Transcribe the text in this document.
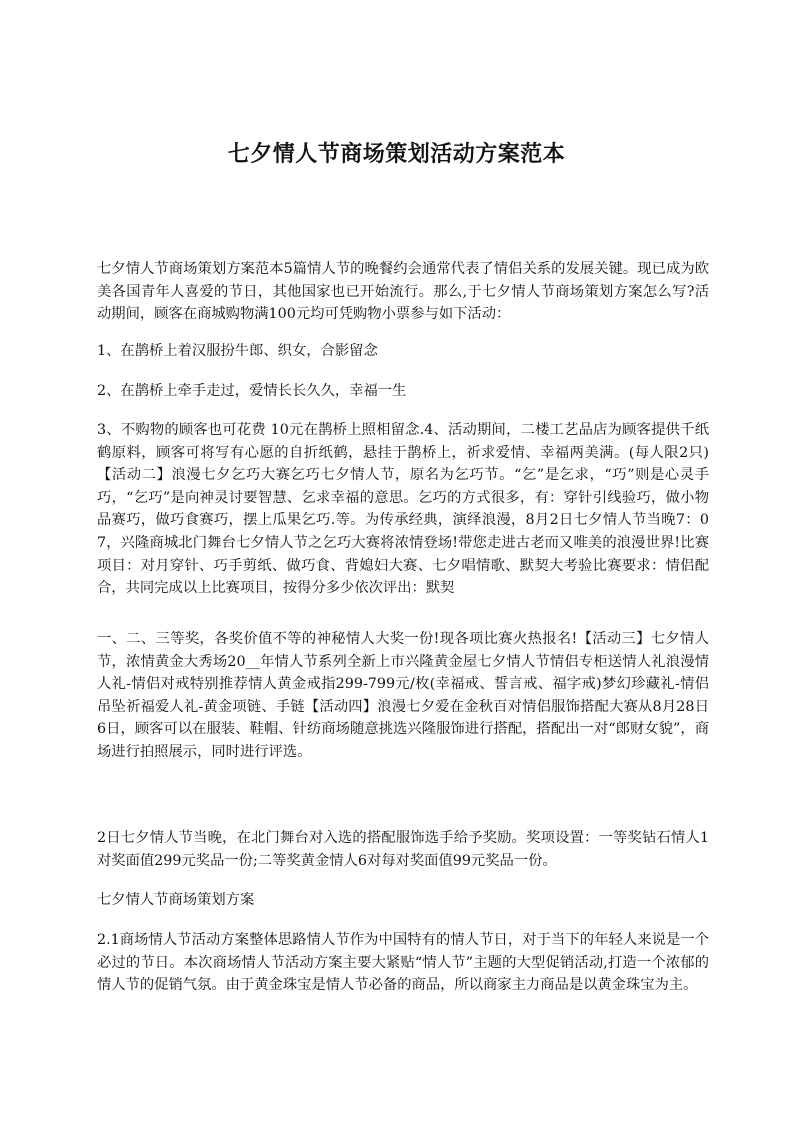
七夕情人节商场策划活动方案范本

七夕情人节商场策划方案范本5篇情人节的晚餐约会通常代表了情侣关系的发展关键。现已成为欧美各国青年人喜爱的节日，其他国家也已开始流行。那么,于七夕情人节商场策划方案怎么写?活动期间，顾客在商城购物满100元均可凭购物小票参与如下活动：

1、在鹊桥上着汉服扮牛郎、织女，合影留念

2、在鹊桥上牵手走过，爱情长长久久，幸福一生

3、不购物的顾客也可花费 10元在鹊桥上照相留念.4、活动期间，二楼工艺品店为顾客提供千纸鹤原料，顾客可将写有心愿的自折纸鹤，悬挂于鹊桥上，祈求爱情、幸福两美满。(每人限2只)【活动二】浪漫七夕乞巧大赛乞巧七夕情人节，原名为乞巧节。“乞”是乞求，“巧”则是心灵手巧，“乞巧”是向神灵讨要智慧、乞求幸福的意思。乞巧的方式很多，有：穿针引线验巧，做小物品赛巧，做巧食赛巧，摆上瓜果乞巧.等。为传承经典，演绎浪漫，8月2日七夕情人节当晚7：07，兴隆商城北门舞台七夕情人节之乞巧大赛将浓情登场!带您走进古老而又唯美的浪漫世界!比赛项目：对月穿针、巧手剪纸、做巧食、背媳妇大赛、七夕唱情歌、默契大考验比赛要求：情侣配合，共同完成以上比赛项目，按得分多少依次评出：默契

一、二、三等奖，各奖价值不等的神秘情人大奖一份!现各项比赛火热报名!【活动三】七夕情人节，浓情黄金大秀场20__年情人节系列全新上市兴隆黄金屋七夕情人节情侣专柜送情人礼浪漫情人礼-情侣对戒特别推荐情人黄金戒指299-799元/枚(幸福戒、誓言戒、福字戒)梦幻珍藏礼-情侣吊坠祈福爱人礼-黄金项链、手链【活动四】浪漫七夕爱在金秋百对情侣服饰搭配大赛从8月28日6日，顾客可以在服装、鞋帽、针纺商场随意挑选兴隆服饰进行搭配，搭配出一对“郎财女貌”，商场进行拍照展示，同时进行评选。

2日七夕情人节当晚，在北门舞台对入选的搭配服饰选手给予奖励。奖项设置：一等奖钻石情人1对奖面值299元奖品一份;二等奖黄金情人6对每对奖面值99元奖品一份。

七夕情人节商场策划方案

2.1商场情人节活动方案整体思路情人节作为中国特有的情人节日，对于当下的年轻人来说是一个必过的节日。本次商场情人节活动方案主要大紧贴“情人节”主题的大型促销活动,打造一个浓郁的情人节的促销气氛。由于黄金珠宝是情人节必备的商品，所以商家主力商品是以黄金珠宝为主。
